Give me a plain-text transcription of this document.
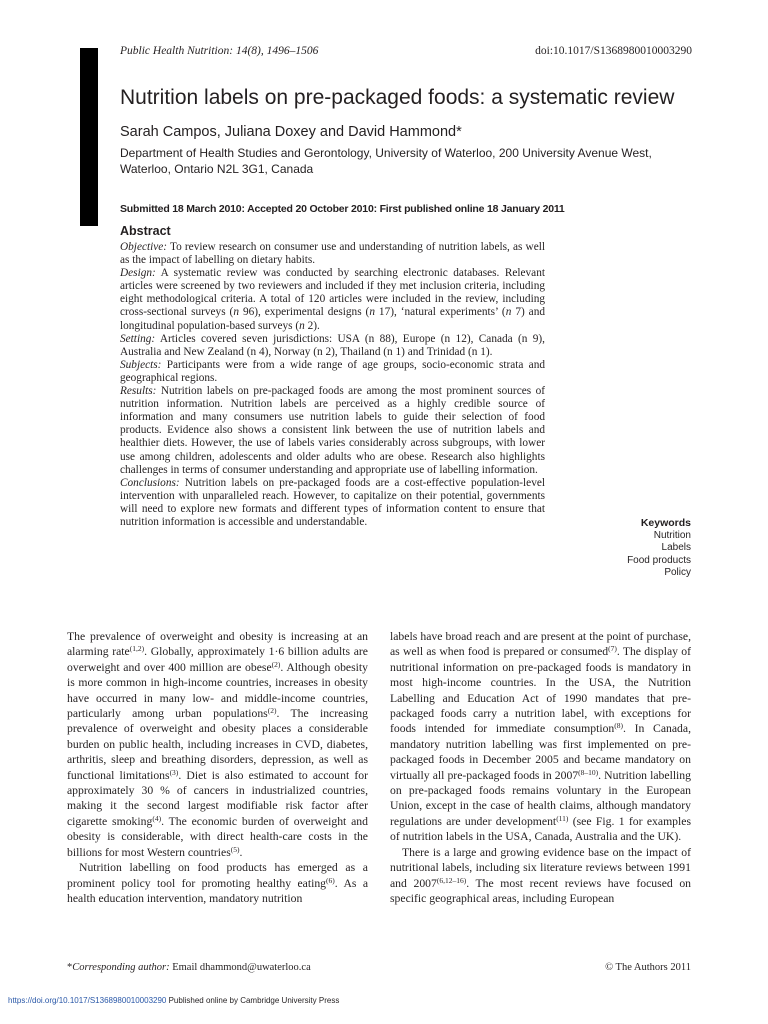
Public Health Nutrition: 14(8), 1496–1506	doi:10.1017/S1368980010003290
Nutrition labels on pre-packaged foods: a systematic review
Sarah Campos, Juliana Doxey and David Hammond*
Department of Health Studies and Gerontology, University of Waterloo, 200 University Avenue West, Waterloo, Ontario N2L 3G1, Canada
Submitted 18 March 2010: Accepted 20 October 2010: First published online 18 January 2011
Abstract

Objective: To review research on consumer use and understanding of nutrition labels, as well as the impact of labelling on dietary habits.

Design: A systematic review was conducted by searching electronic databases. Relevant articles were screened by two reviewers and included if they met inclusion criteria, including eight methodological criteria. A total of 120 articles were included in the review, including cross-sectional surveys (n 96), experimental designs (n 17), ‘natural experiments’ (n 7) and longitudinal population-based surveys (n 2).

Setting: Articles covered seven jurisdictions: USA (n 88), Europe (n 12), Canada (n 9), Australia and New Zealand (n 4), Norway (n 2), Thailand (n 1) and Trinidad (n 1).

Subjects: Participants were from a wide range of age groups, socio-economic strata and geographical regions.

Results: Nutrition labels on pre-packaged foods are among the most prominent sources of nutrition information. Nutrition labels are perceived as a highly credible source of information and many consumers use nutrition labels to guide their selection of food products. Evidence also shows a consistent link between the use of nutrition labels and healthier diets. However, the use of labels varies considerably across subgroups, with lower use among children, adolescents and older adults who are obese. Research also highlights challenges in terms of consumer understanding and appropriate use of labelling information.

Conclusions: Nutrition labels on pre-packaged foods are a cost-effective population-level intervention with unparalleled reach. However, to capitalize on their potential, governments will need to explore new formats and different types of information content to ensure that nutrition information is accessible and understandable.	Keywords
Nutrition
Labels
Food products
Policy

The prevalence of overweight and obesity is increasing at an alarming rate$^{(1,2)}$. Globally, approximately 1·6 billion adults are overweight and over 400 million are obese$^{(2)}$. Although obesity is more common in high-income countries, increases in obesity have occurred in many low- and middle-income countries, particularly among urban populations$^{(2)}$. The increasing prevalence of overweight and obesity places a considerable burden on public health, including increases in CVD, diabetes, arthritis, sleep and breathing disorders, depression, as well as functional limitations$^{(3)}$. Diet is also estimated to account for approximately 30 % of cancers in industrialized countries, making it the second largest modifiable risk factor after cigarette smoking$^{(4)}$. The economic burden of overweight and obesity is considerable, with direct health-care costs in the billions for most Western countries$^{(5)}$.

Nutrition labelling on food products has emerged as a prominent policy tool for promoting healthy eating$^{(6)}$. As a health education intervention, mandatory nutrition

labels have broad reach and are present at the point of purchase, as well as when food is prepared or consumed$^{(7)}$. The display of nutritional information on pre-packaged foods is mandatory in most high-income countries. In the USA, the Nutrition Labelling and Education Act of 1990 mandates that pre-packaged foods carry a nutrition label, with exceptions for foods intended for immediate consumption$^{(8)}$. In Canada, mandatory nutrition labelling was first implemented on pre-packaged foods in December 2005 and became mandatory on virtually all pre-packaged foods in 2007$^{(8-10)}$. Nutrition labelling on pre-packaged foods remains voluntary in the European Union, except in the case of health claims, although mandatory regulations are under development$^{(11)}$ (see Fig. 1 for examples of nutrition labels in the USA, Canada, Australia and the UK).

There is a large and growing evidence base on the impact of nutritional labels, including six literature reviews between 1991 and 2007$^{(6,12-16)}$. The most recent reviews have focused on specific geographical areas, including European

*Corresponding author: Email dhammond@uwaterloo.ca	© The Authors 2011
https://doi.org/10.1017/S1368980010003290 Published online by Cambridge University Press
